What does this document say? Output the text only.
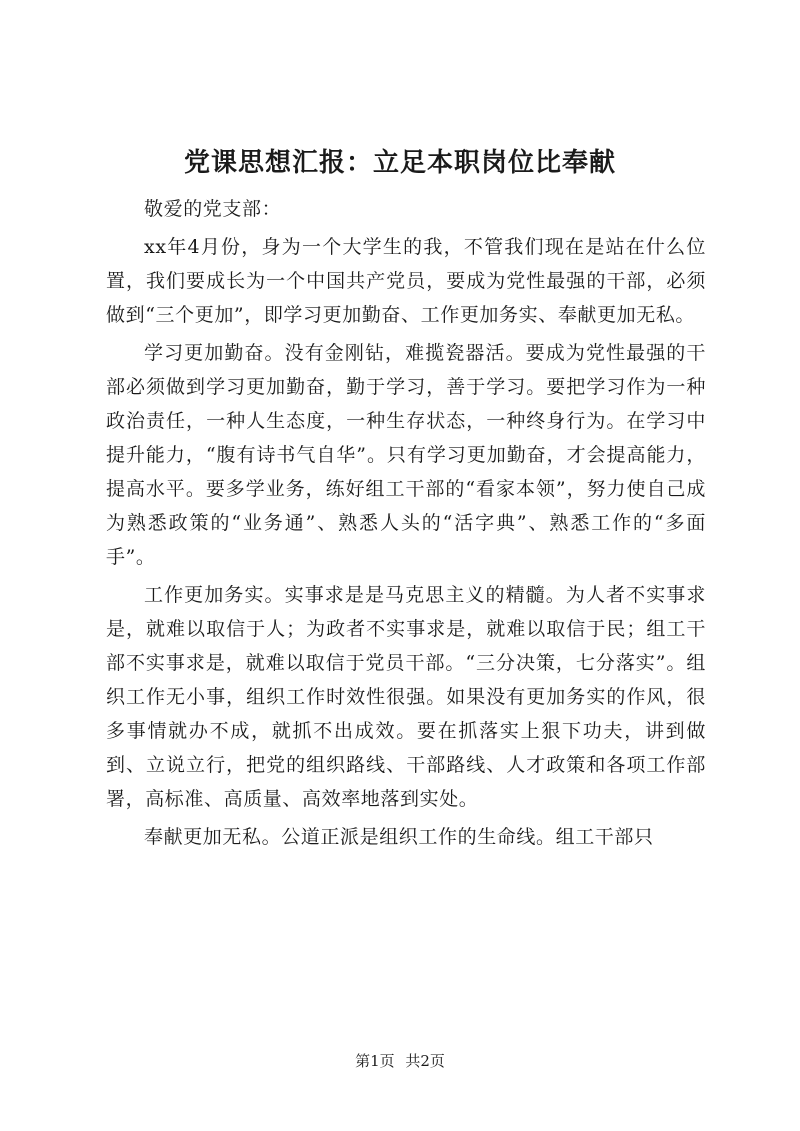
党课思想汇报：立足本职岗位比奉献

敬爱的党支部：

xx年4月份，身为一个大学生的我，不管我们现在是站在什么位置，我们要成长为一个中国共产党员，要成为党性最强的干部，必须做到“三个更加”，即学习更加勤奋、工作更加务实、奉献更加无私。

学习更加勤奋。没有金刚钻，难揽瓷器活。要成为党性最强的干部必须做到学习更加勤奋，勤于学习，善于学习。要把学习作为一种政治责任，一种人生态度，一种生存状态，一种终身行为。在学习中提升能力，“腹有诗书气自华”。只有学习更加勤奋，才会提高能力，提高水平。要多学业务，练好组工干部的“看家本领”，努力使自己成为熟悉政策的“业务通”、熟悉人头的“活字典”、熟悉工作的“多面手”。

工作更加务实。实事求是是马克思主义的精髓。为人者不实事求是，就难以取信于人；为政者不实事求是，就难以取信于民；组工干部不实事求是，就难以取信于党员干部。“三分决策，七分落实”。组织工作无小事，组织工作时效性很强。如果没有更加务实的作风，很多事情就办不成，就抓不出成效。要在抓落实上狠下功夫，讲到做到、立说立行，把党的组织路线、干部路线、人才政策和各项工作部署，高标准、高质量、高效率地落到实处。

奉献更加无私。公道正派是组织工作的生命线。组工干部只

第1页 共2页
